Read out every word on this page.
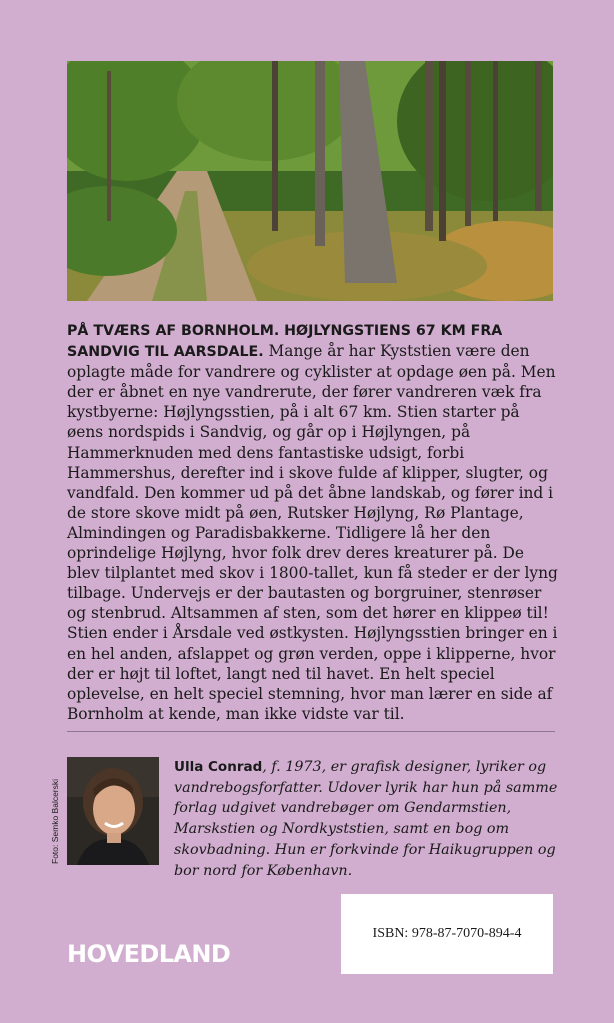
PÅ TVÆRS AF BORNHOLM. HØJLYNGSTIENS 67 KM FRA SANDVIG TIL AARSDALE. Mange år har Kyststien være den oplagte måde for vandrere og cyklister at opdage øen på. Men der er åbnet en nye vandrerute, der fører vandreren væk fra kystbyerne: Højlyngsstien, på i alt 67 km. Stien starter på øens nordspids i Sandvig, og går op i Højlyngen, på Hammerknuden med dens fantastiske udsigt, forbi Hammershus, derefter ind i skove fulde af klipper, slugter, og vandfald. Den kommer ud på det åbne landskab, og fører ind i de store skove midt på øen, Rutsker Højlyng, Rø Plantage, Almindingen og Paradisbakkerne. Tidligere lå her den oprindelige Højlyng, hvor folk drev deres kreaturer på. De blev tilplantet med skov i 1800-tallet, kun få steder er der lyng tilbage. Undervejs er der bautasten og borgruiner, stenrøser og stenbrud. Altsammen af sten, som det hører en klippeø til! Stien ender i Årsdale ved østkysten. Højlyngsstien bringer en i en hel anden, afslappet og grøn verden, oppe i klipperne, hvor der er højt til loftet, langt ned til havet. En helt speciel oplevelse, en helt speciel stemning, hvor man lærer en side af Bornholm at kende, man ikke vidste var til.
Foto: Semko Balcerski
Ulla Conrad, f. 1973, er grafisk designer, lyriker og vandrebogsforfatter. Udover lyrik har hun på samme forlag udgivet vandrebøger om Gendarmstien, Marskstien og Nordkyststien, samt en bog om skovbadning. Hun er forkvinde for Haikugruppen og bor nord for København.
HOVEDLAND
ISBN: 978-87-7070-894-4
